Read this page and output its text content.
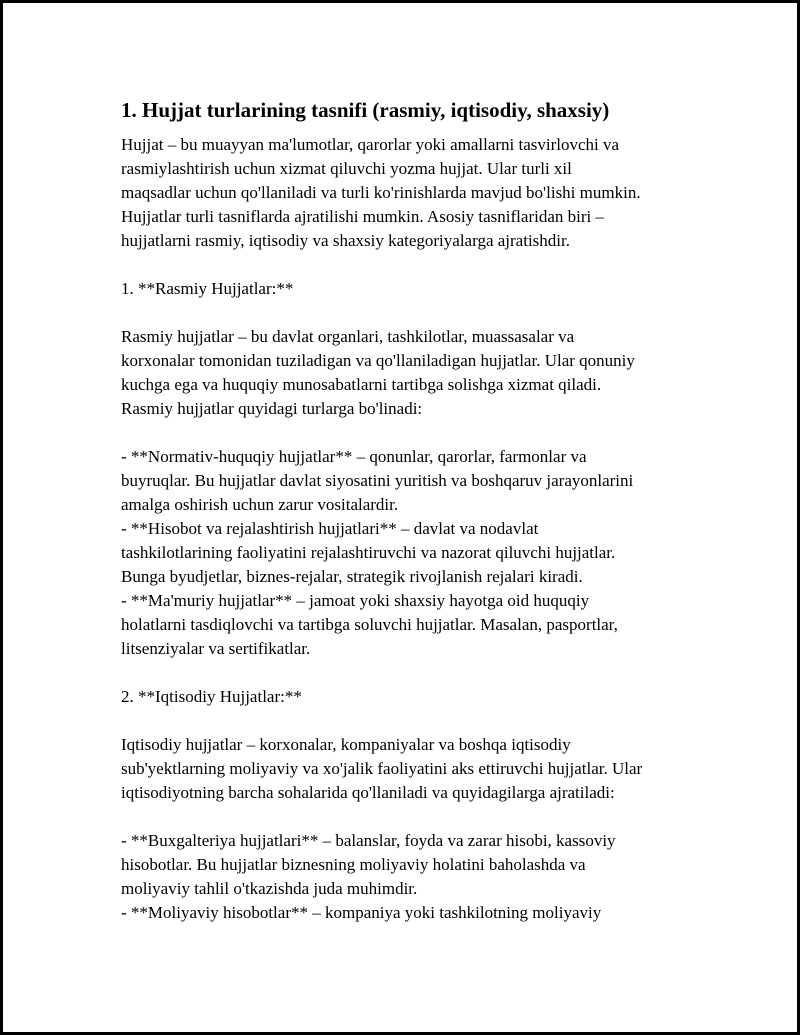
1. Hujjat turlarining tasnifi (rasmiy, iqtisodiy, shaxsiy)

Hujjat – bu muayyan ma'lumotlar, qarorlar yoki amallarni tasvirlovchi va
rasmiylashtirish uchun xizmat qiluvchi yozma hujjat. Ular turli xil
maqsadlar uchun qo'llaniladi va turli ko'rinishlarda mavjud bo'lishi mumkin.
Hujjatlar turli tasniflarda ajratilishi mumkin. Asosiy tasniflaridan biri –
hujjatlarni rasmiy, iqtisodiy va shaxsiy kategoriyalarga ajratishdir.

1. **Rasmiy Hujjatlar:**

Rasmiy hujjatlar – bu davlat organlari, tashkilotlar, muassasalar va
korxonalar tomonidan tuziladigan va qo'llaniladigan hujjatlar. Ular qonuniy
kuchga ega va huquqiy munosabatlarni tartibga solishga xizmat qiladi.
Rasmiy hujjatlar quyidagi turlarga bo'linadi:

- **Normativ-huquqiy hujjatlar** – qonunlar, qarorlar, farmonlar va
buyruqlar. Bu hujjatlar davlat siyosatini yuritish va boshqaruv jarayonlarini
amalga oshirish uchun zarur vositalardir.

- **Hisobot va rejalashtirish hujjatlari** – davlat va nodavlat
tashkilotlarining faoliyatini rejalashtiruvchi va nazorat qiluvchi hujjatlar.
Bunga byudjetlar, biznes-rejalar, strategik rivojlanish rejalari kiradi.

- **Ma'muriy hujjatlar** – jamoat yoki shaxsiy hayotga oid huquqiy
holatlarni tasdiqlovchi va tartibga soluvchi hujjatlar. Masalan, pasportlar,
litsenziyalar va sertifikatlar.

2. **Iqtisodiy Hujjatlar:**

Iqtisodiy hujjatlar – korxonalar, kompaniyalar va boshqa iqtisodiy
sub'yektlarning moliyaviy va xo'jalik faoliyatini aks ettiruvchi hujjatlar. Ular
iqtisodiyotning barcha sohalarida qo'llaniladi va quyidagilarga ajratiladi:

- **Buxgalteriya hujjatlari** – balanslar, foyda va zarar hisobi, kassoviy
hisobotlar. Bu hujjatlar biznesning moliyaviy holatini baholashda va
moliyaviy tahlil o'tkazishda juda muhimdir.

- **Moliyaviy hisobotlar** – kompaniya yoki tashkilotning moliyaviy
